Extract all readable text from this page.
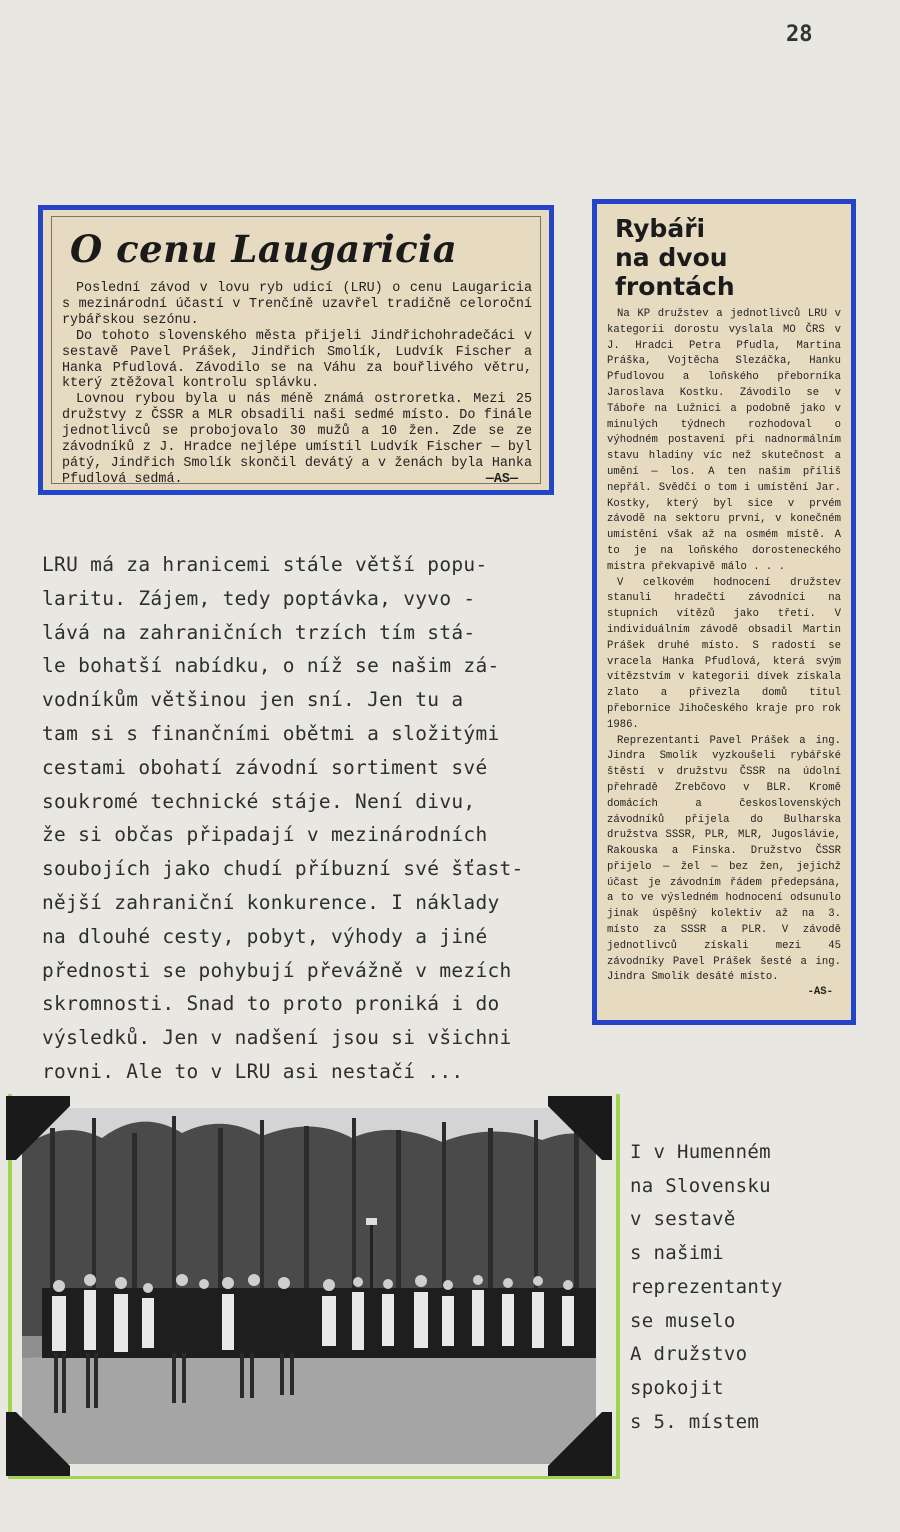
28
O cenu Laugaricia

Poslední závod v lovu ryb udicí (LRU) o cenu Laugaricia s mezinárodní účastí v Trenčíně uzavřel tradičně celoroční rybářskou sezónu.

Do tohoto slovenského města přijeli Jindřichohradečáci v sestavě Pavel Prášek, Jindřich Smolík, Ludvík Fischer a Hanka Pfudlová. Závodilo se na Váhu za bouřlivého větru, který ztěžoval kontrolu splávku.

Lovnou rybou byla u nás méně známá ostroretka. Mezi 25 družstvy z ČSSR a MLR obsadili naši sedmé místo. Do finále jednotlivců se probojovalo 30 mužů a 10 žen. Zde se ze závodníků z J. Hradce nejlépe umístil Ludvík Fischer — byl pátý, Jindřich Smolík skončil devátý a v ženách byla Hanka Pfudlová sedmá.	—AS—
Rybáři
na dvou frontách

Na KP družstev a jednotlivců LRU v kategorii dorostu vyslala MO ČRS v J. Hradci Petra Pfudla, Martina Práška, Vojtěcha Slezáčka, Hanku Pfudlovou a loňského přeborníka Jaroslava Kostku. Závodilo se v Táboře na Lužnici a podobně jako v minulých týdnech rozhodoval o výhodném postavení při nadnormálním stavu hladiny víc než skutečnost a umění — los. A ten našim příliš nepřál. Svědčí o tom i umístění Jar. Kostky, který byl sice v prvém závodě na sektoru první, v konečném umístění však až na osmém místě. A to je na loňského dorosteneckého mistra překvapivě málo . . .

V celkovém hodnocení družstev stanuli hradečtí závodníci na stupních vítězů jako třetí. V individuálním závodě obsadil Martin Prášek druhé místo. S radostí se vracela Hanka Pfudlová, která svým vítězstvím v kategorii dívek získala zlato a přivezla domů titul přebornice Jihočeského kraje pro rok 1986.

Reprezentanti Pavel Prášek a ing. Jindra Smolík vyzkoušeli rybářské štěstí v družstvu ČSSR na údolní přehradě Zrebčovo v BLR. Kromě domácích a československých závodníků přijela do Bulharska družstva SSSR, PLR, MLR, Jugoslávie, Rakouska a Finska. Družstvo ČSSR přijelo — žel — bez žen, jejichž účast je závodním řádem předepsána, a to ve výsledném hodnocení odsunulo jinak úspěšný kolektiv až na 3. místo za SSSR a PLR. V závodě jednotlivců získali mezi 45 závodníky Pavel Prášek šesté a ing. Jindra Smolík desáté místo.

-AS-
LRU má za hranicemi stále větší popu-
laritu. Zájem, tedy poptávka, vyvo -
lává na zahraničních trzích tím stá-
le bohatší nabídku, o níž se našim zá-
vodníkům většinou jen sní. Jen tu a
tam si s finančními obětmi a složitými
cestami obohatí závodní sortiment své
soukromé technické stáje. Není divu,
že si občas připadají v mezinárodních
soubojích jako chudí příbuzní své šťast-
nější zahraniční konkurence. I náklady
na dlouhé cesty, pobyt, výhody a jiné
přednosti se pohybují převážně v mezích
skromnosti. Snad to proto proniká i do
výsledků. Jen v nadšení jsou si všichni
rovni. Ale to v LRU asi nestačí ...
I v Humenném
na Slovensku
v sestavě
s našimi
reprezentanty
se muselo
A družstvo
spokojit
s 5. místem
